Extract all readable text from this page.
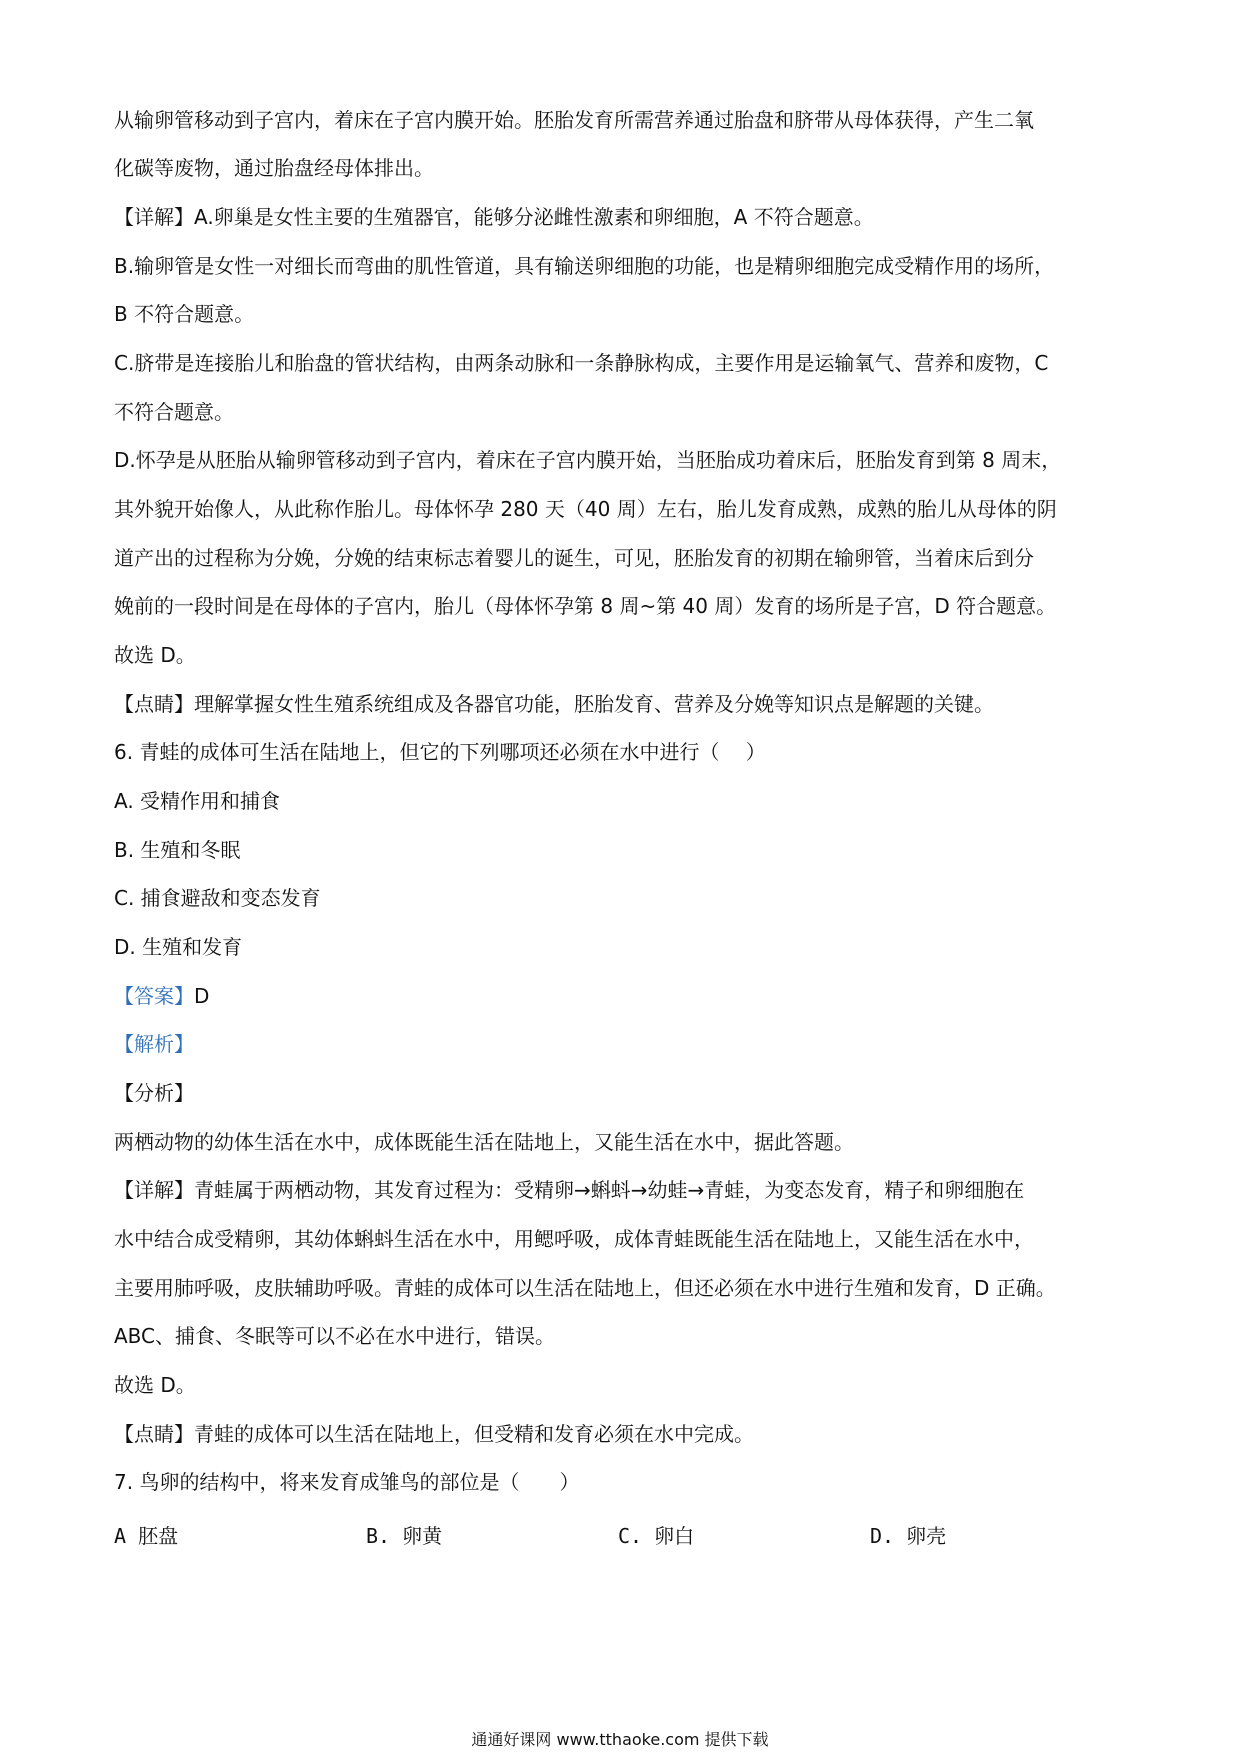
从输卵管移动到子宫内，着床在子宫内膜开始。胚胎发育所需营养通过胎盘和脐带从母体获得，产生二氧
化碳等废物，通过胎盘经母体排出。
【详解】A.卵巢是女性主要的生殖器官，能够分泌雌性激素和卵细胞，A 不符合题意。
B.输卵管是女性一对细长而弯曲的肌性管道，具有输送卵细胞的功能，也是精卵细胞完成受精作用的场所，
B 不符合题意。
C.脐带是连接胎儿和胎盘的管状结构，由两条动脉和一条静脉构成，主要作用是运输氧气、营养和废物，C
不符合题意。
D.怀孕是从胚胎从输卵管移动到子宫内，着床在子宫内膜开始，当胚胎成功着床后，胚胎发育到第 8 周末，
其外貌开始像人，从此称作胎儿。母体怀孕 280 天（40 周）左右，胎儿发育成熟，成熟的胎儿从母体的阴
道产出的过程称为分娩，分娩的结束标志着婴儿的诞生，可见，胚胎发育的初期在输卵管，当着床后到分
娩前的一段时间是在母体的子宫内，胎儿（母体怀孕第 8 周~第 40 周）发育的场所是子宫，D 符合题意。
故选 D。
【点睛】理解掌握女性生殖系统组成及各器官功能，胚胎发育、营养及分娩等知识点是解题的关键。
6. 青蛙的成体可生活在陆地上，但它的下列哪项还必须在水中进行（　 ）
A. 受精作用和捕食
B. 生殖和冬眠
C. 捕食避敌和变态发育
D. 生殖和发育
【答案】D
【解析】
【分析】
两栖动物的幼体生活在水中，成体既能生活在陆地上，又能生活在水中，据此答题。
【详解】青蛙属于两栖动物，其发育过程为：受精卵→蝌蚪→幼蛙→青蛙，为变态发育，精子和卵细胞在
水中结合成受精卵，其幼体蝌蚪生活在水中，用鳃呼吸，成体青蛙既能生活在陆地上，又能生活在水中，
主要用肺呼吸，皮肤辅助呼吸。青蛙的成体可以生活在陆地上，但还必须在水中进行生殖和发育，D 正确。
ABC、捕食、冬眠等可以不必在水中进行，错误。
故选 D。
【点睛】青蛙的成体可以生活在陆地上，但受精和发育必须在水中完成。
7. 鸟卵的结构中，将来发育成雏鸟的部位是（　　）
A 胚盘	B. 卵黄	C. 卵白	D. 卵壳
通通好课网 www.tthaoke.com 提供下载
